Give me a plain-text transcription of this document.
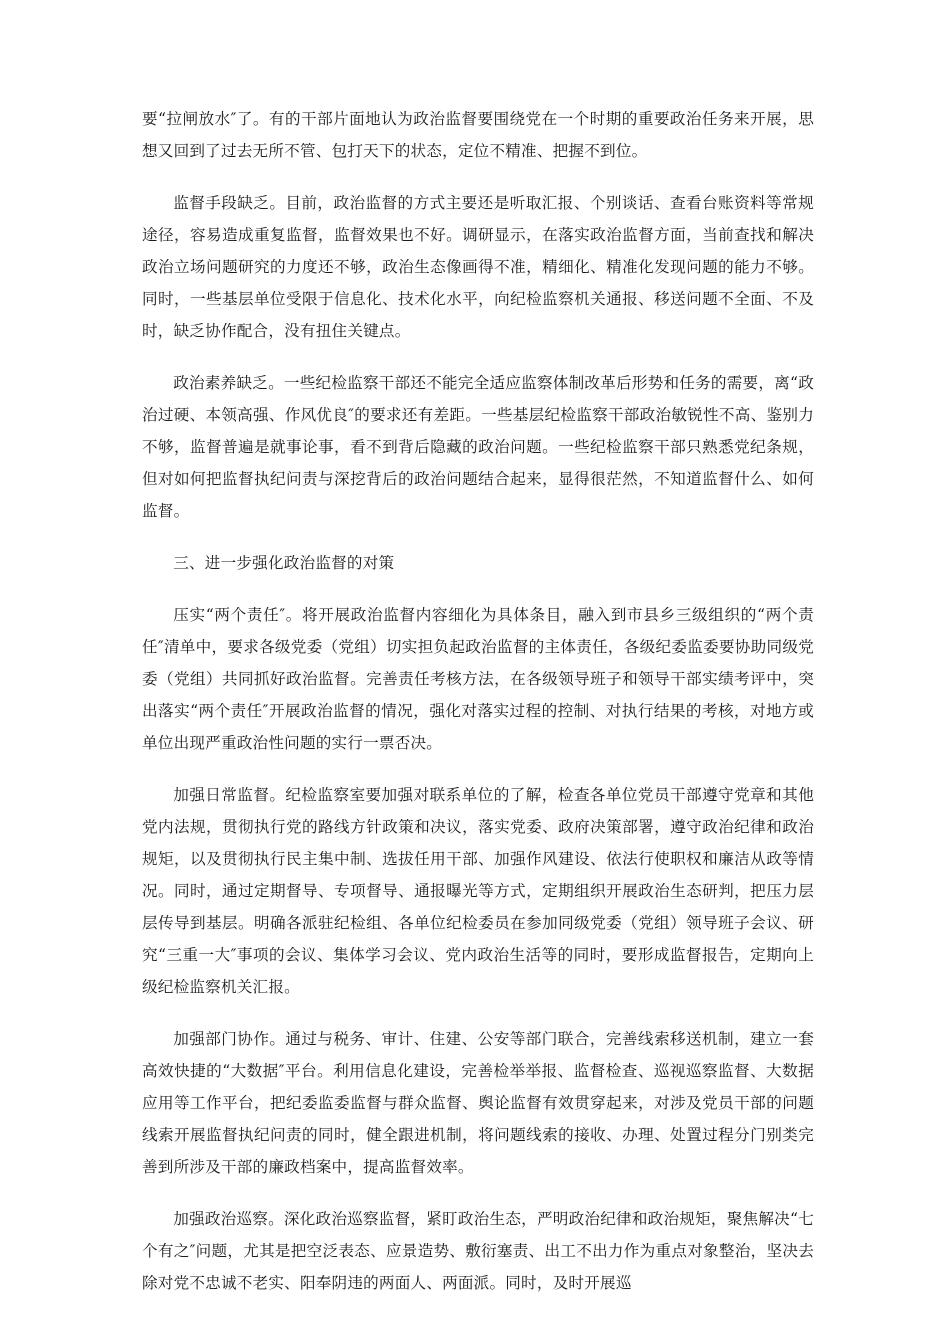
要“拉闸放水″了。有的干部片面地认为政治监督要围绕党在一个时期的重要政治任务来开展，思想又回到了过去无所不管、包打天下的状态，定位不精准、把握不到位。

监督手段缺乏。目前，政治监督的方式主要还是听取汇报、个别谈话、查看台账资料等常规途径，容易造成重复监督，监督效果也不好。调研显示，在落实政治监督方面，当前查找和解决政治立场问题研究的力度还不够，政治生态像画得不准，精细化、精准化发现问题的能力不够。同时，一些基层单位受限于信息化、技术化水平，向纪检监察机关通报、移送问题不全面、不及时，缺乏协作配合，没有扭住关键点。

政治素养缺乏。一些纪检监察干部还不能完全适应监察体制改革后形势和任务的需要，离“政治过硬、本领高强、作风优良″的要求还有差距。一些基层纪检监察干部政治敏锐性不高、鉴别力不够，监督普遍是就事论事，看不到背后隐藏的政治问题。一些纪检监察干部只熟悉党纪条规，但对如何把监督执纪问责与深挖背后的政治问题结合起来，显得很茫然，不知道监督什么、如何监督。

三、进一步强化政治监督的对策

压实“两个责任″。将开展政治监督内容细化为具体条目，融入到市县乡三级组织的“两个责任″清单中，要求各级党委（党组）切实担负起政治监督的主体责任，各级纪委监委要协助同级党委（党组）共同抓好政治监督。完善责任考核方法，在各级领导班子和领导干部实绩考评中，突出落实“两个责任″开展政治监督的情况，强化对落实过程的控制、对执行结果的考核，对地方或单位出现严重政治性问题的实行一票否决。

加强日常监督。纪检监察室要加强对联系单位的了解，检查各单位党员干部遵守党章和其他党内法规，贯彻执行党的路线方针政策和决议，落实党委、政府决策部署，遵守政治纪律和政治规矩，以及贯彻执行民主集中制、选拔任用干部、加强作风建设、依法行使职权和廉洁从政等情况。同时，通过定期督导、专项督导、通报曝光等方式，定期组织开展政治生态研判，把压力层层传导到基层。明确各派驻纪检组、各单位纪检委员在参加同级党委（党组）领导班子会议、研究“三重一大″事项的会议、集体学习会议、党内政治生活等的同时，要形成监督报告，定期向上级纪检监察机关汇报。

加强部门协作。通过与税务、审计、住建、公安等部门联合，完善线索移送机制，建立一套高效快捷的“大数据″平台。利用信息化建设，完善检举举报、监督检查、巡视巡察监督、大数据应用等工作平台，把纪委监委监督与群众监督、舆论监督有效贯穿起来，对涉及党员干部的问题线索开展监督执纪问责的同时，健全跟进机制，将问题线索的接收、办理、处置过程分门别类完善到所涉及干部的廉政档案中，提高监督效率。

加强政治巡察。深化政治巡察监督，紧盯政治生态，严明政治纪律和政治规矩，聚焦解决“七个有之″问题，尤其是把空泛表态、应景造势、敷衍塞责、出工不出力作为重点对象整治，坚决去除对党不忠诚不老实、阳奉阴违的两面人、两面派。同时，及时开展巡
